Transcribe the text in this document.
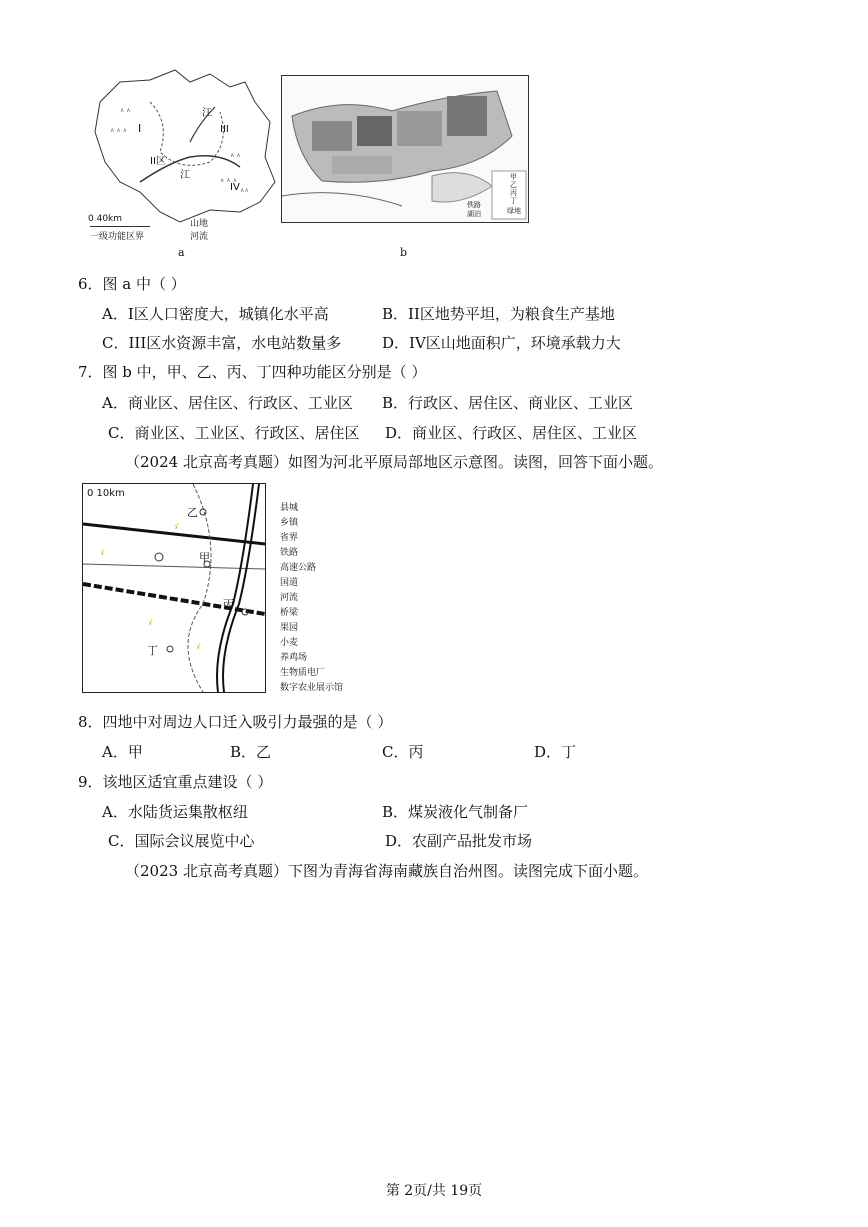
∧ ∧
∧ ∧ ∧
∧ ∧
∧ ∧ ∧
∧∧
I
II区
III
IV
江
江
0 40km	山地
河流
一级功能区界
a
甲
乙
丙
丁
绿地
铁路
湖泊
b
6．图 a 中（ ）
A．I区人口密度大，城镇化水平高	B．II区地势平坦，为粮食生产基地
C．III区水资源丰富，水电站数量多	D．IV区山地面积广，环境承载力大
7．图 b 中，甲、乙、丙、丁四种功能区分别是（ ）
A．商业区、居住区、行政区、工业区 B．行政区、居住区、商业区、工业区
C．商业区、工业区、行政区、居住区 D．商业区、行政区、居住区、工业区
（2024 北京高考真题）如图为河北平原局部地区示意图。读图，回答下面小题。
ゞ
ゞ
ゞ
ゞ
0 10km
乙
甲
丙
丁
县城
乡镇
省界
铁路
高速公路
国道
河流
桥梁
果园
小麦
养鸡场
生物质电厂
数字农业展示馆
8．四地中对周边人口迁入吸引力最强的是（ ）
A．甲	B．乙	C．丙	D．丁
9．该地区适宜重点建设（ ）
A．水陆货运集散枢纽	B．煤炭液化气制备厂
C．国际会议展览中心	D．农副产品批发市场
（2023 北京高考真题）下图为青海省海南藏族自治州图。读图完成下面小题。
第 2页/共 19页
